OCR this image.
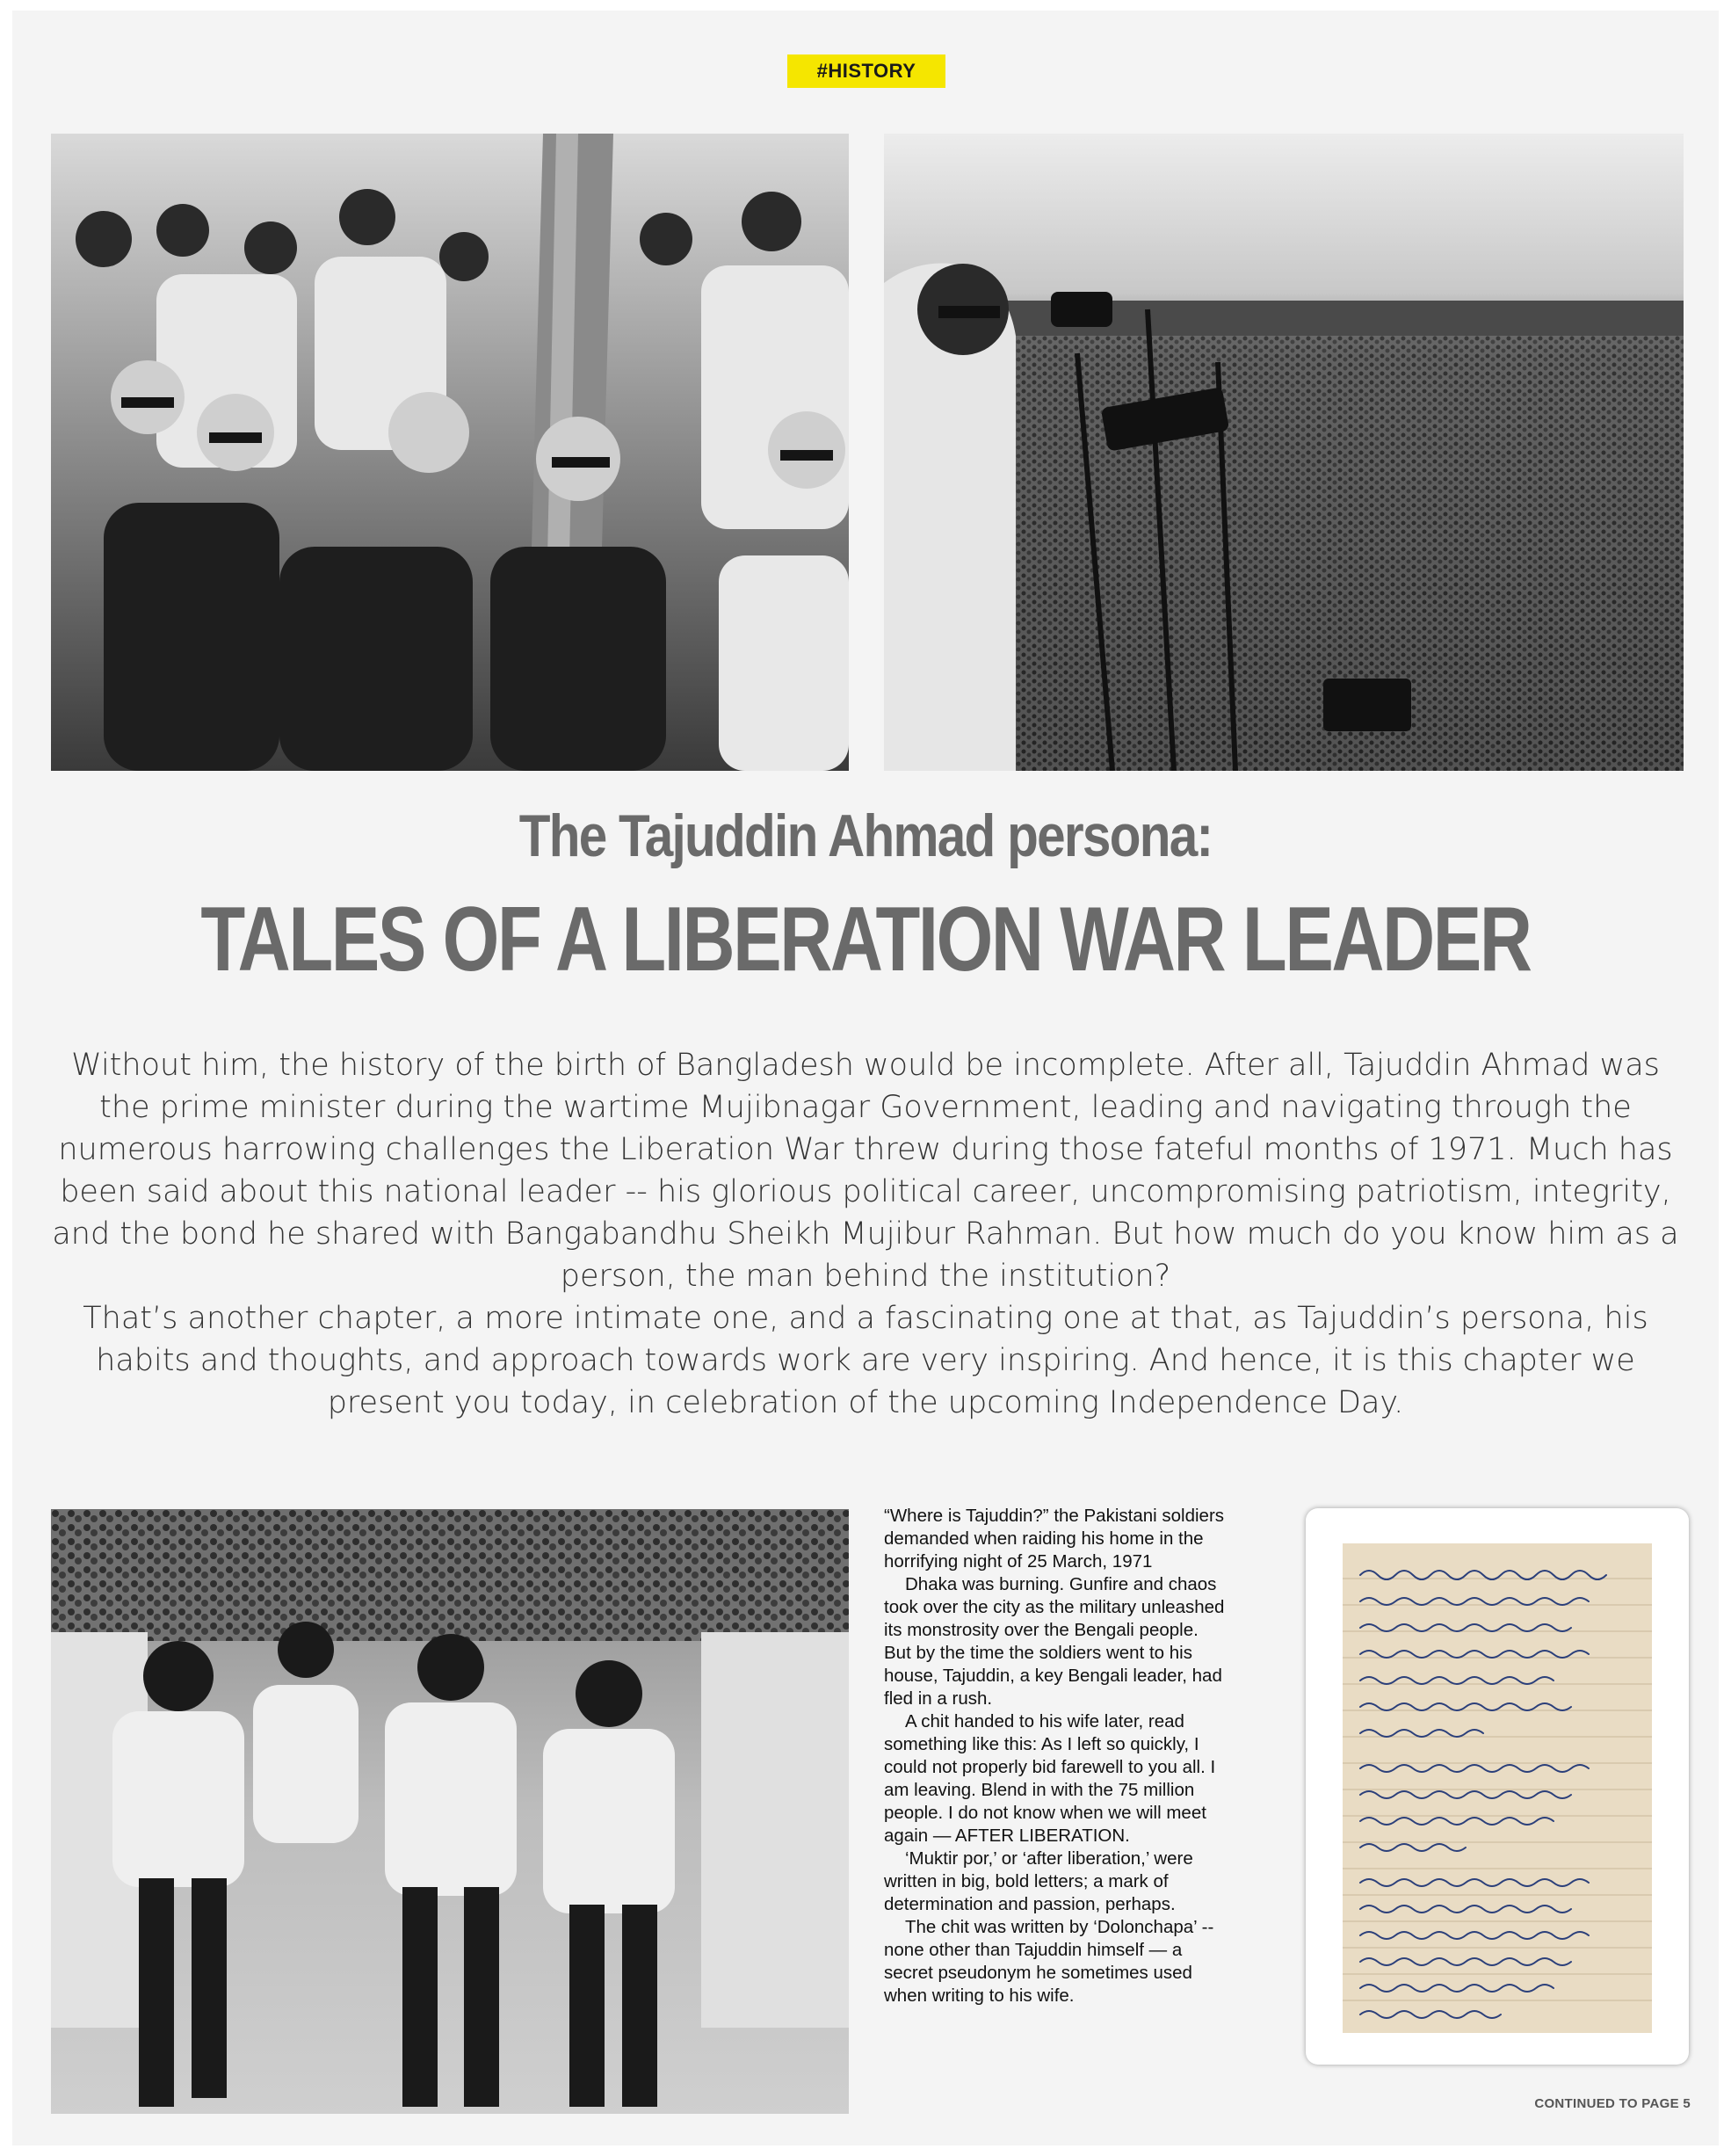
#HISTORY
The Tajuddin Ahmad persona:
TALES OF A LIBERATION WAR LEADER

Without him, the history of the birth of Bangladesh would be incomplete. After all, Tajuddin Ahmad was the prime minister during the wartime Mujibnagar Government, leading and navigating through the numerous harrowing challenges the Liberation War threw during those fateful months of 1971. Much has been said about this national leader -- his glorious political career, uncompromising patriotism, integrity, and the bond he shared with Bangabandhu Sheikh Mujibur Rahman. But how much do you know him as a person, the man behind the institution?

That’s another chapter, a more intimate one, and a fascinating one at that, as Tajuddin’s persona, his habits and thoughts, and approach towards work are very inspiring. And hence, it is this chapter we present you today, in celebration of the upcoming Independence Day.

“Where is Tajuddin?” the Pakistani soldiers demanded when raiding his home in the horrifying night of 25 March, 1971

Dhaka was burning. Gunfire and chaos took over the city as the military unleashed its monstrosity over the Bengali people. But by the time the soldiers went to his house, Tajuddin, a key Bengali leader, had fled in a rush.

A chit handed to his wife later, read something like this: As I left so quickly, I could not properly bid farewell to you all. I am leaving. Blend in with the 75 million people. I do not know when we will meet again — AFTER LIBERATION.

‘Muktir por,’ or ‘after liberation,’ were written in big, bold letters; a mark of determination and passion, perhaps.

The chit was written by ‘Dolonchapa’ -- none other than Tajuddin himself — a secret pseudonym he sometimes used when writing to his wife.

CONTINUED TO PAGE 5
